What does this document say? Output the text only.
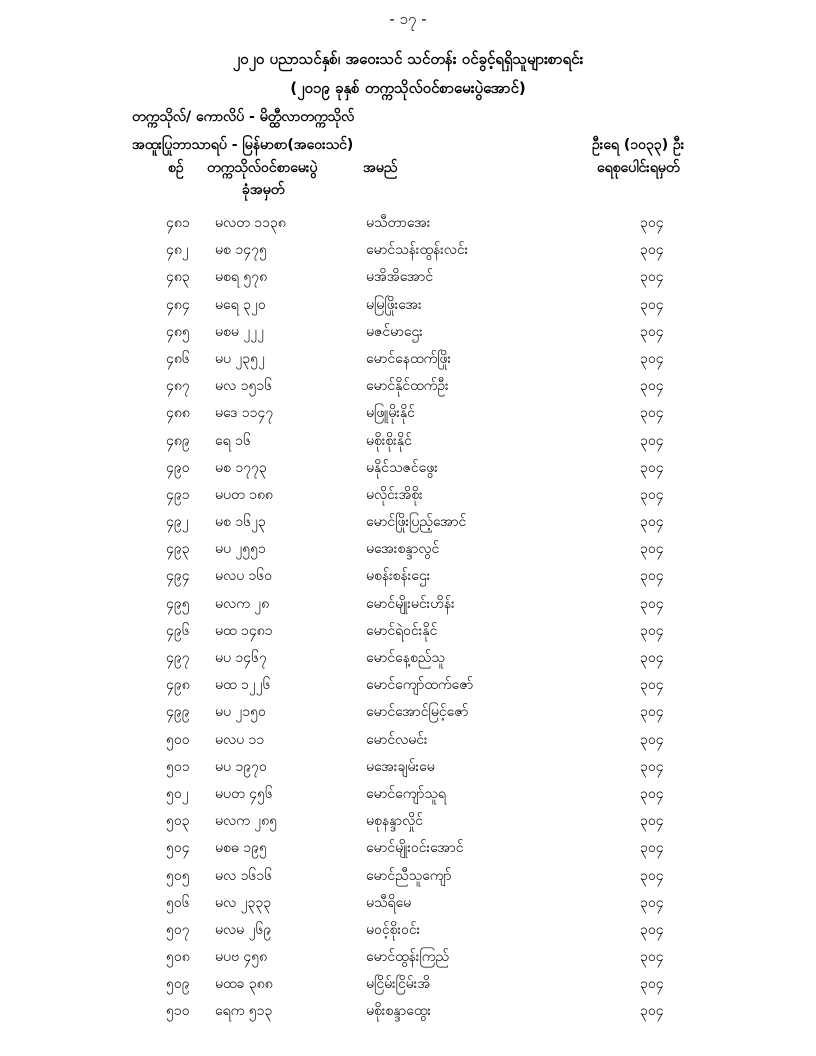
- ၁၇ -
၂၀၂၀ ပညာသင်နှစ်၊ အဝေးသင် သင်တန်း ဝင်ခွင့်ရရှိသူများစာရင်း
(၂၀၁၉ ခုနှစ် တက္ကသိုလ်ဝင်စာမေးပွဲအောင်)
တက္ကသိုလ်/ ကောလိပ် - မိတ္ထီလာတက္ကသိုလ်
အထူးပြုဘာသာရပ် - မြန်မာစာ(အဝေးသင်)	ဦးရေ (၁၀၃၃) ဦး
စဉ် တက္ကသိုလ်ဝင်စာမေးပွဲ
ခုံအမှတ်
အမည်	ရေစုပေါင်းရမှတ်
၄၈၁ မလတ ၁၁၃၈	မသီတာအေး	၃၀၄
၄၈၂ မစ ၁၄၇၅	မောင်သန်းထွန်းလင်း	၃၀၄
၄၈၃ မစရ ၅၇၈	မအိအိအောင်	၃၀၄
၄၈၄ မရေ ၃၂၀	မမြဖြိုးအေး	၃၀၄
၄၈၅ မစမ ၂၂၂	မဇင်မာဌေး	၃၀၄
၄၈၆ မပ ၂၃၅၂	မောင်နေထက်ဖြိုး	၃၀၄
၄၈၇ မလ ၁၅၁၆	မောင်နိုင်ထက်ဦး	၃၀၄
၄၈၈ မဒေ ၁၁၄၇	မဖြူမိုးနိုင်	၃၀၄
၄၈၉ ရေ ၁၆	မစိုးစိုးနိုင်	၃၀၄
၄၉၀ မစ ၁၇၇၃	မနိုင်သဇင်ဖွေး	၃၀၄
၄၉၁ မပတ ၁၈၈	မလိုင်းအိစိုး	၃၀၄
၄၉၂ မစ ၁၆၂၃	မောင်ဖြိုးပြည့်အောင်	၃၀၄
၄၉၃ မပ ၂၅၅၁	မအေးစန္ဒာလွင်	၃၀၄
၄၉၄ မလပ ၁၆၀	မစန်းစန်းဌေး	၃၀၄
၄၉၅ မလက ၂၈	မောင်မျိုးမင်းဟိန်း	၃၀၄
၄၉၆ မထ ၁၄၈၁	မောင်ရဲဝင်းနိုင်	၃၀၄
၄၉၇ မပ ၁၄၆၇	မောင်နေ့စည်သူ	၃၀၄
၄၉၈ မထ ၁၂၂၆	မောင်ကျော်ထက်ဇော်	၃၀၄
၄၉၉ မပ ၂၁၅၀	မောင်အောင်မြင့်ဇော်	၃၀၄
၅၀၀ မလပ ၁၁	မောင်လမင်း	၃၀၄
၅၀၁ မပ ၁၉၇၀	မအေးချမ်းမေ	၃၀၄
၅၀၂ မပတ ၄၅၆	မောင်ကျော်သူရ	၃၀၄
၅၀၃ မလက ၂၈၅	မစုနန္ဒာလှိုင်	၃၀၄
၅၀၄ မစဓ ၁၉၅	မောင်မျိုးဝင်းအောင်	၃၀၄
၅၀၅ မလ ၁၆၁၆	မောင်ညီသူကျော်	၃၀၄
၅၀၆ မလ ၂၃၃၃	မသီရိမေ	၃၀၄
၅၀၇ မလမ ၂၆၉	မဝင့်စိုးဝင်း	၃၀၄
၅၀၈ မပဗ ၄၅၈	မောင်ထွန်းကြည်	၃၀၄
၅၀၉ မထခ ၃၈၈	မငြိမ်းငြိမ်းအိ	၃၀၄
၅၁၀ ရေက ၅၁၃	မစိုးစန္ဒာထွေး	၃၀၄
